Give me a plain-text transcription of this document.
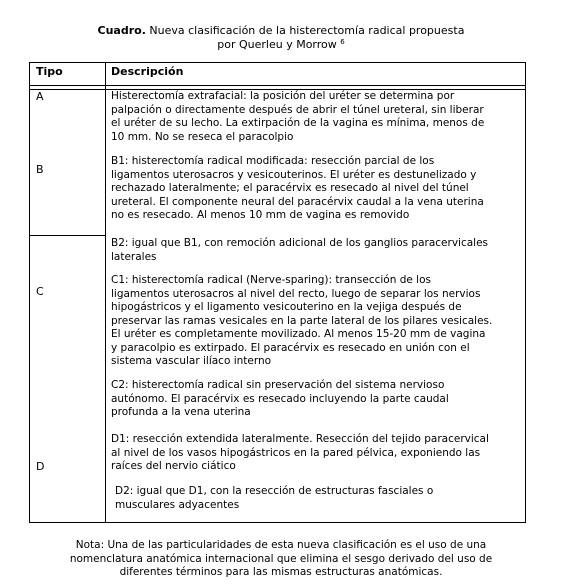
Cuadro. Nueva clasificación de la histerectomía radical propuesta
por Querleu y Morrow $^6$
Tipo	Descripción
A
B
C
D
Histerectomía extrafacial: la posición del uréter se determina por
palpación o directamente después de abrir el túnel ureteral, sin liberar
el uréter de su lecho. La extirpación de la vagina es mínima, menos de
10 mm. No se reseca el paracolpio
B1: histerectomía radical modificada: resección parcial de los
ligamentos uterosacros y vesicouterinos. El uréter es destunelizado y
rechazado lateralmente; el paracérvix es resecado al nivel del túnel
ureteral. El componente neural del paracérvix caudal a la vena uterina
no es resecado. Al menos 10 mm de vagina es removido
B2: igual que B1, con remoción adicional de los ganglios paracervicales
laterales
C1: histerectomía radical (Nerve-sparing): transección de los
ligamentos uterosacros al nivel del recto, luego de separar los nervios
hipogástricos y el ligamento vesicouterino en la vejiga después de
preservar las ramas vesicales en la parte lateral de los pilares vesicales.
El uréter es completamente movilizado. Al menos 15-20 mm de vagina
y paracolpio es extirpado. El paracérvix es resecado en unión con el
sistema vascular ilíaco interno
C2: histerectomía radical sin preservación del sistema nervioso
autónomo. El paracérvix es resecado incluyendo la parte caudal
profunda a la vena uterina
D1: resección extendida lateralmente. Resección del tejido paracervical
al nivel de los vasos hipogástricos en la pared pélvica, exponiendo las
raíces del nervio ciático
D2: igual que D1, con la resección de estructuras fasciales o
musculares adyacentes
Nota: Una de las particularidades de esta nueva clasificación es el uso de una
nomenclatura anatómica internacional que elimina el sesgo derivado del uso de
diferentes términos para las mismas estructuras anatómicas.
